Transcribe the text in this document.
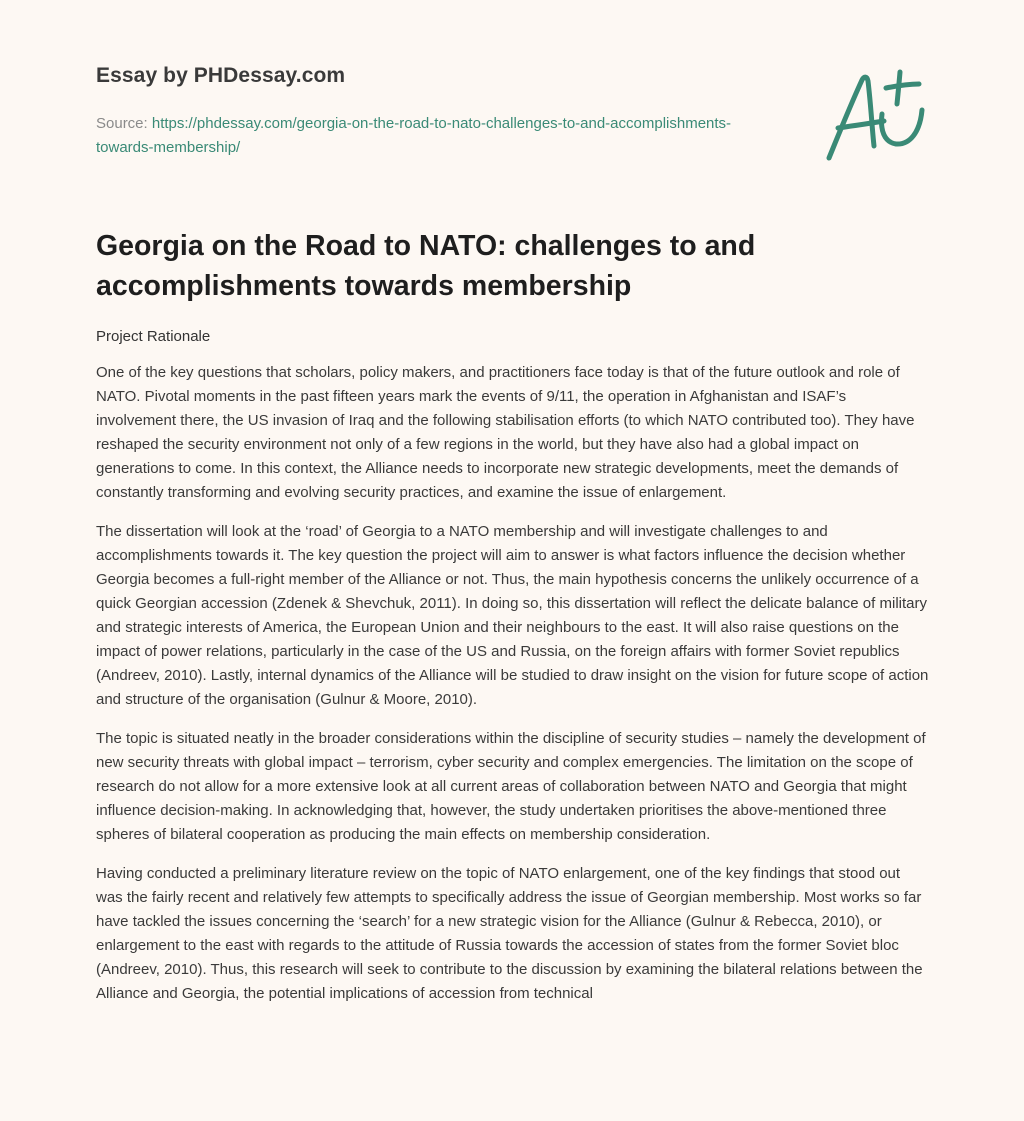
Essay by PHDessay.com

Source: https://phdessay.com/georgia-on-the-road-to-nato-challenges-to-and-accomplishments-towards-membership/
Georgia on the Road to NATO: challenges to and accomplishments towards membership

Project Rationale

One of the key questions that scholars, policy makers, and practitioners face today is that of the future outlook and role of NATO. Pivotal moments in the past fifteen years mark the events of 9/11, the operation in Afghanistan and ISAF’s involvement there, the US invasion of Iraq and the following stabilisation efforts (to which NATO contributed too). They have reshaped the security environment not only of a few regions in the world, but they have also had a global impact on generations to come. In this context, the Alliance needs to incorporate new strategic developments, meet the demands of constantly transforming and evolving security practices, and examine the issue of enlargement.

The dissertation will look at the ‘road’ of Georgia to a NATO membership and will investigate challenges to and accomplishments towards it. The key question the project will aim to answer is what factors influence the decision whether Georgia becomes a full-right member of the Alliance or not. Thus, the main hypothesis concerns the unlikely occurrence of a quick Georgian accession (Zdenek & Shevchuk, 2011). In doing so, this dissertation will reflect the delicate balance of military and strategic interests of America, the European Union and their neighbours to the east. It will also raise questions on the impact of power relations, particularly in the case of the US and Russia, on the foreign affairs with former Soviet republics (Andreev, 2010). Lastly, internal dynamics of the Alliance will be studied to draw insight on the vision for future scope of action and structure of the organisation (Gulnur & Moore, 2010).

The topic is situated neatly in the broader considerations within the discipline of security studies – namely the development of new security threats with global impact – terrorism, cyber security and complex emergencies. The limitation on the scope of research do not allow for a more extensive look at all current areas of collaboration between NATO and Georgia that might influence decision-making. In acknowledging that, however, the study undertaken prioritises the above-mentioned three spheres of bilateral cooperation as producing the main effects on membership consideration.

Having conducted a preliminary literature review on the topic of NATO enlargement, one of the key findings that stood out was the fairly recent and relatively few attempts to specifically address the issue of Georgian membership. Most works so far have tackled the issues concerning the ‘search’ for a new strategic vision for the Alliance (Gulnur & Rebecca, 2010), or enlargement to the east with regards to the attitude of Russia towards the accession of states from the former Soviet bloc (Andreev, 2010). Thus, this research will seek to contribute to the discussion by examining the bilateral relations between the Alliance and Georgia, the potential implications of accession from technical
